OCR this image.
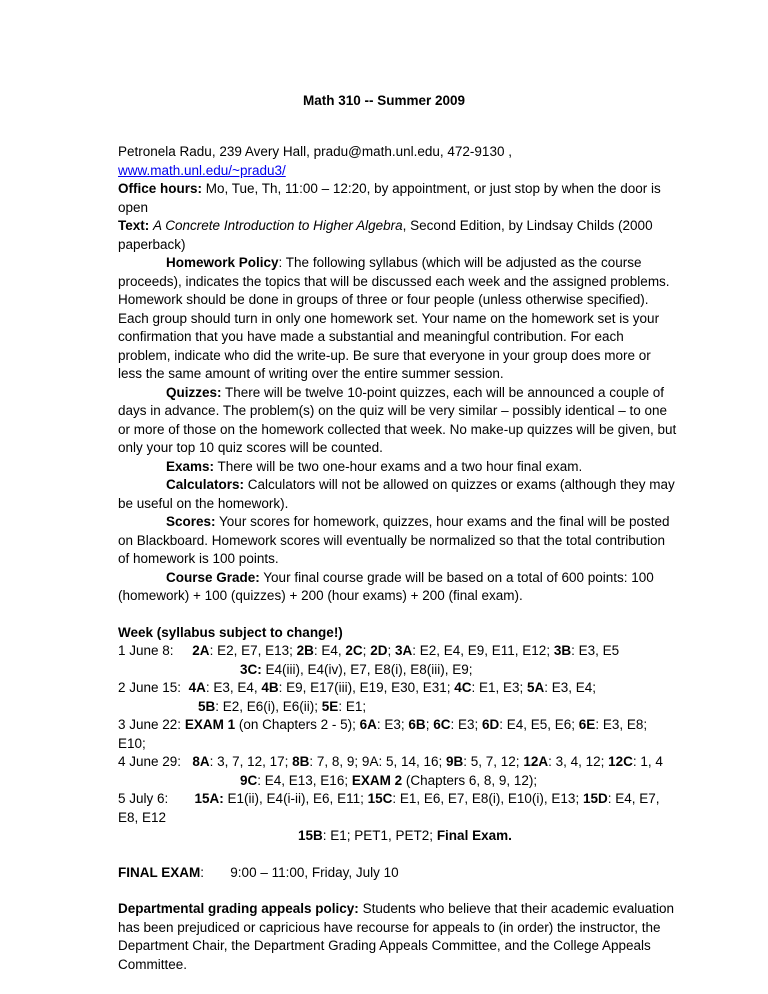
Math 310 -- Summer 2009

Petronela Radu, 239 Avery Hall, pradu@math.unl.edu, 472-9130 ,
www.math.unl.edu/~pradu3/

Office hours: Mo, Tue, Th, 11:00 – 12:20, by appointment, or just stop by when the door is open

Text: A Concrete Introduction to Higher Algebra, Second Edition, by Lindsay Childs (2000 paperback)

Homework Policy: The following syllabus (which will be adjusted as the course proceeds), indicates the topics that will be discussed each week and the assigned problems. Homework should be done in groups of three or four people (unless otherwise specified). Each group should turn in only one homework set. Your name on the homework set is your confirmation that you have made a substantial and meaningful contribution. For each problem, indicate who did the write-up. Be sure that everyone in your group does more or less the same amount of writing over the entire summer session.

Quizzes: There will be twelve 10-point quizzes, each will be announced a couple of days in advance. The problem(s) on the quiz will be very similar – possibly identical – to one or more of those on the homework collected that week. No make-up quizzes will be given, but only your top 10 quiz scores will be counted.

Exams: There will be two one-hour exams and a two hour final exam.

Calculators: Calculators will not be allowed on quizzes or exams (although they may be useful on the homework).

Scores: Your scores for homework, quizzes, hour exams and the final will be posted on Blackboard. Homework scores will eventually be normalized so that the total contribution of homework is 100 points.

Course Grade: Your final course grade will be based on a total of 600 points: 100 (homework) + 100 (quizzes) + 200 (hour exams) + 200 (final exam).

Week (syllabus subject to change!)

1 June 8:     2A: E2, E7, E13; 2B: E4, 2C; 2D; 3A: E2, E4, E9, E11, E12; 3B: E3, E5

3C: E4(iii), E4(iv), E7, E8(i), E8(iii), E9;

2 June 15:  4A: E3, E4, 4B: E9, E17(iii), E19, E30, E31; 4C: E1, E3; 5A: E3, E4;

5B: E2, E6(i), E6(ii); 5E: E1;

3 June 22: EXAM 1 (on Chapters 2 - 5); 6A: E3; 6B; 6C: E3; 6D: E4, E5, E6; 6E: E3, E8; E10;

4 June 29:   8A: 3, 7, 12, 17; 8B: 7, 8, 9; 9A: 5, 14, 16; 9B: 5, 7, 12; 12A: 3, 4, 12; 12C: 1, 4

9C: E4, E13, E16; EXAM 2 (Chapters 6, 8, 9, 12);

5 July 6:       15A: E1(ii), E4(i-ii), E6, E11; 15C: E1, E6, E7, E8(i), E10(i), E13; 15D: E4, E7, E8, E12

15B: E1; PET1, PET2; Final Exam.

FINAL EXAM: 9:00 – 11:00, Friday, July 10

Departmental grading appeals policy: Students who believe that their academic evaluation has been prejudiced or capricious have recourse for appeals to (in order) the instructor, the Department Chair, the Department Grading Appeals Committee, and the College Appeals Committee.
